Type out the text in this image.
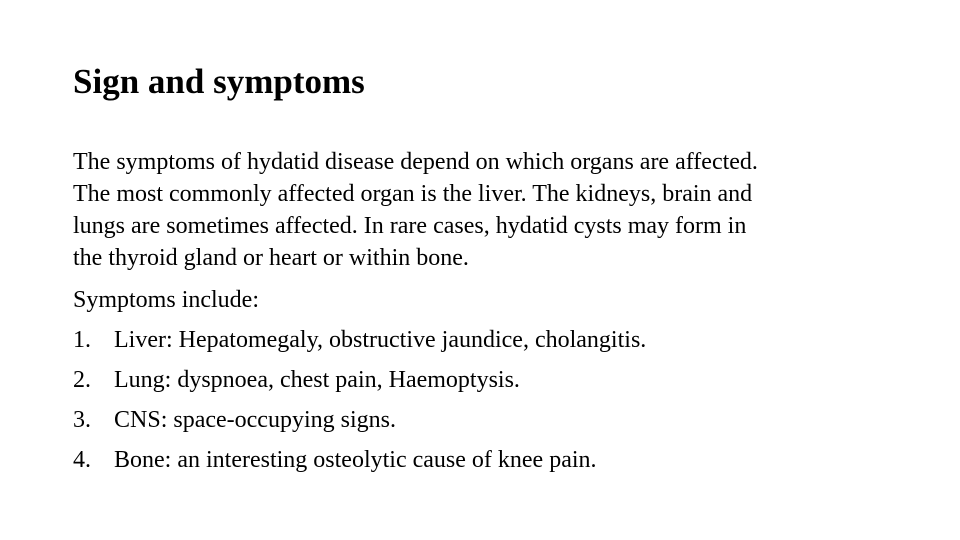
Sign and symptoms

The symptoms of hydatid disease depend on which organs are affected.
The most commonly affected organ is the liver. The kidneys, brain and
lungs are sometimes affected. In rare cases, hydatid cysts may form in
the thyroid gland or heart or within bone.

Symptoms include:

1. Liver: Hepatomegaly, obstructive jaundice, cholangitis.
2. Lung: dyspnoea, chest pain, Haemoptysis.
3. CNS: space-occupying signs.
4. Bone: an interesting osteolytic cause of knee pain.
